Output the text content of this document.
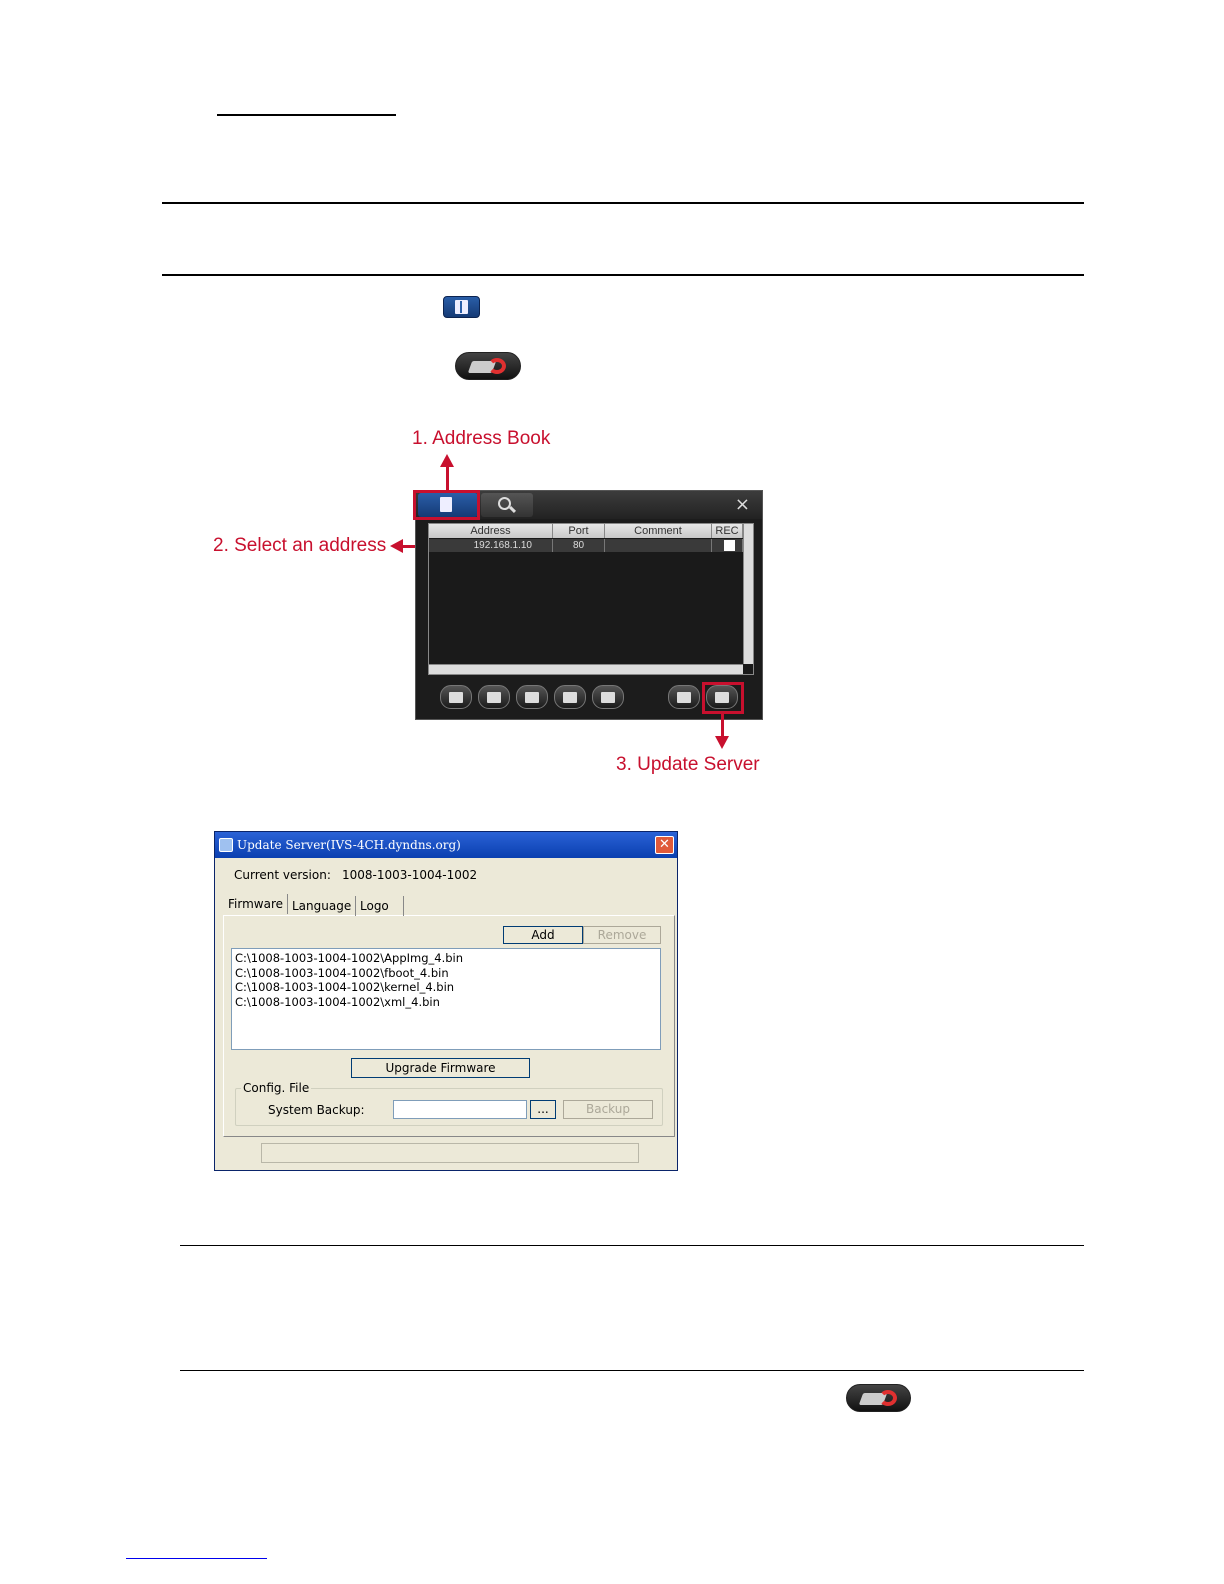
1. Address Book
2. Select an address
×
Address	Port	Comment	REC
192.168.1.10	80
3. Update Server
Update Server(IVS-4CH.dyndns.org)	✕
Current version: 1008-1003-1004-1002
Firmware Language Logo
Add	Remove
C:\1008-1003-1004-1002\AppImg_4.bin
C:\1008-1003-1004-1002\fboot_4.bin
C:\1008-1003-1004-1002\kernel_4.bin
C:\1008-1003-1004-1002\xml_4.bin
Upgrade Firmware
Config. File
System Backup:	...	Backup
